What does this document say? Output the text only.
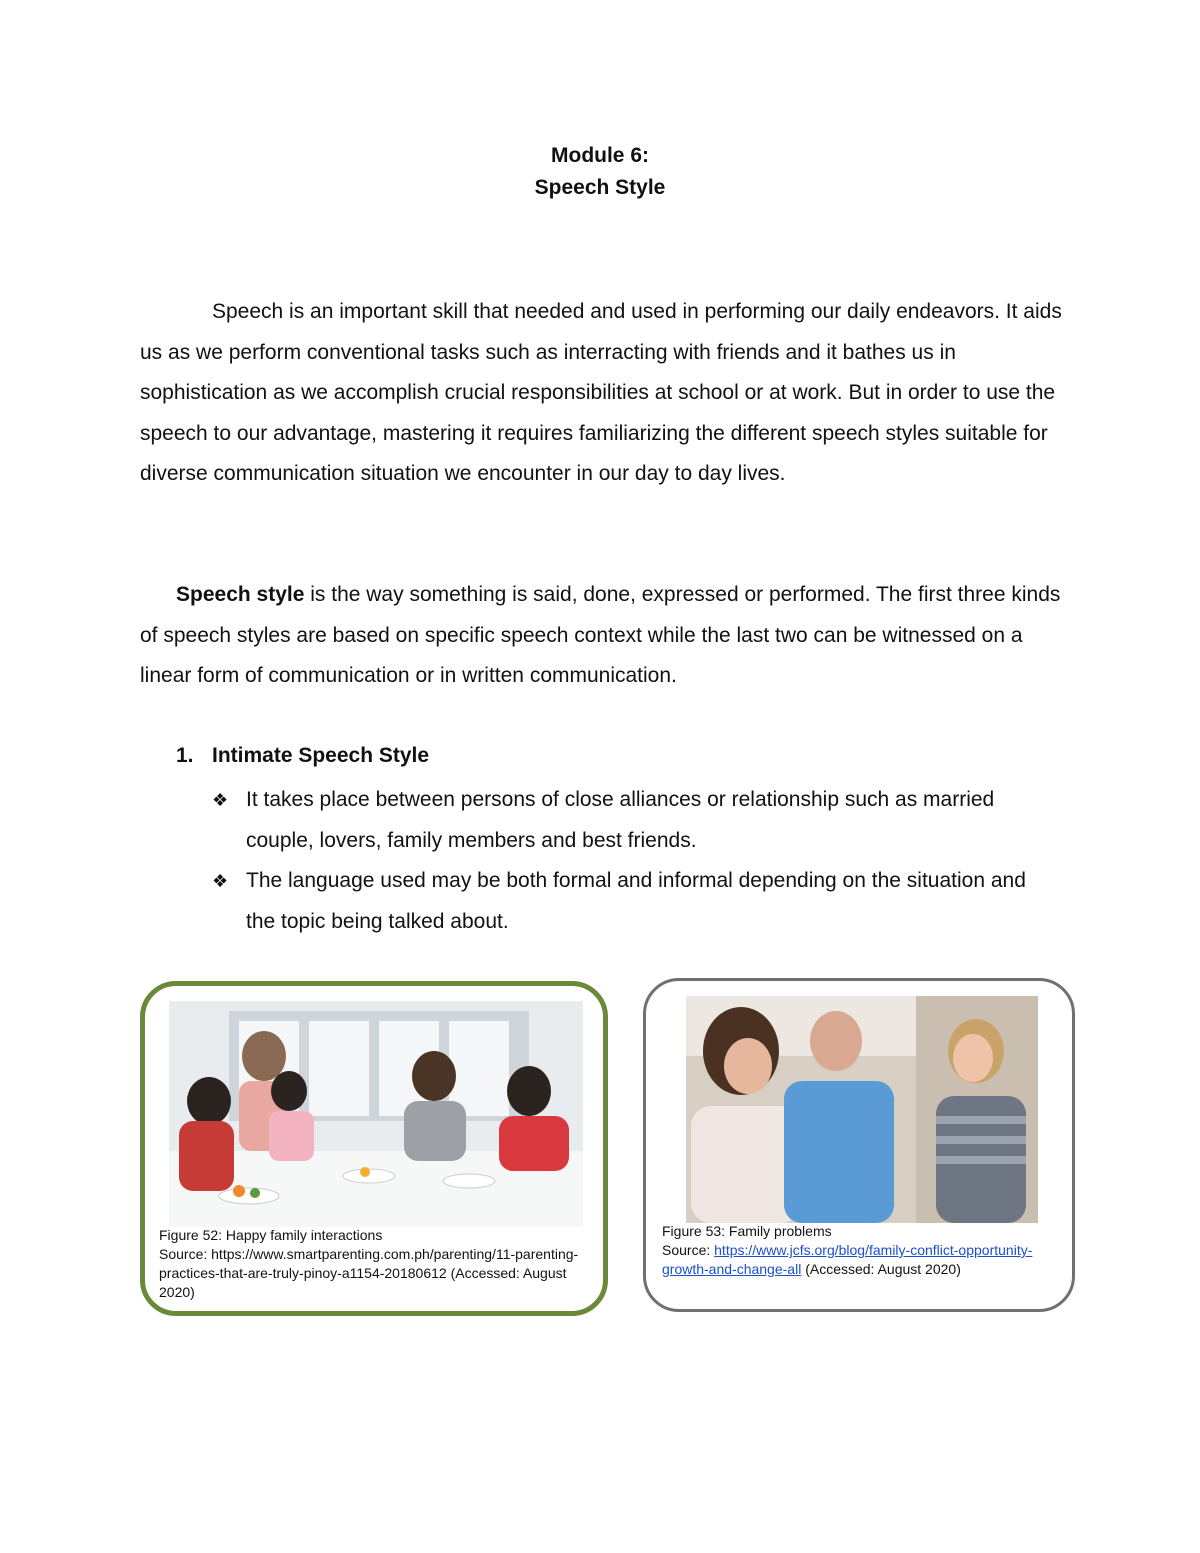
Module 6:
Speech Style

Speech is an important skill that needed and used in performing our daily endeavors. It aids us as we perform conventional tasks such as interracting with friends and it bathes us in sophistication as we accomplish crucial responsibilities at school or at work. But in order to use the speech to our advantage, mastering it requires familiarizing the different speech styles suitable for diverse communication situation we encounter in our day to day lives.

Speech style is the way something is said, done, expressed or performed. The first three kinds of speech styles are based on specific speech context while the last two can be witnessed on a linear form of communication or in written communication.

1. Intimate Speech Style
❖ It takes place between persons of close alliances or relationship such as married couple, lovers, family members and best friends.
❖ The language used may be both formal and informal depending on the situation and the topic being talked about.
Figure 52: Happy family interactions
Source: https://www.smartparenting.com.ph/parenting/11-parenting-practices-that-are-truly-pinoy-a1154-20180612 (Accessed: August 2020)
Figure 53: Family problems
Source: https://www.jcfs.org/blog/family-conflict-opportunity-growth-and-change-all (Accessed: August 2020)
